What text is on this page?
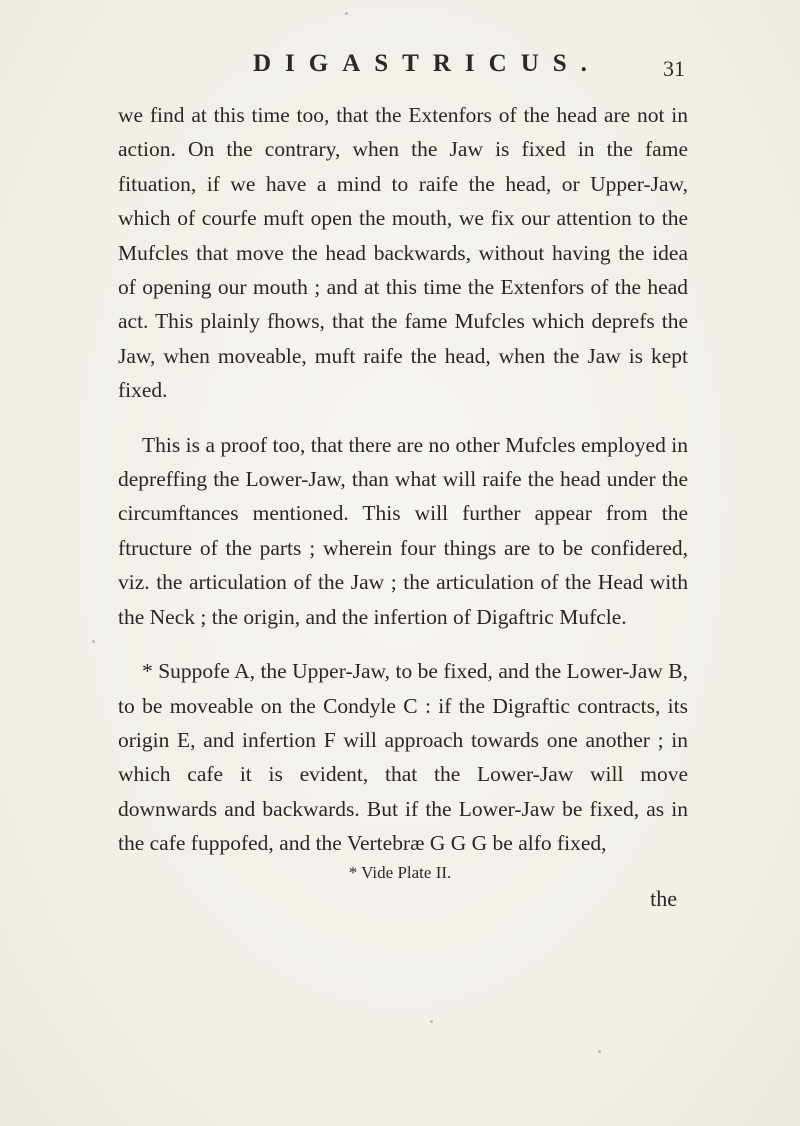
DIGASTRICUS.	31

we find at this time too, that the Extenfors of the head are not in action. On the contrary, when the Jaw is fixed in the fame fituation, if we have a mind to raife the head, or Upper-Jaw, which of courfe muft open the mouth, we fix our attention to the Mufcles that move the head backwards, without having the idea of opening our mouth ; and at this time the Extenfors of the head act. This plainly fhows, that the fame Mufcles which deprefs the Jaw, when moveable, muft raife the head, when the Jaw is kept fixed.

This is a proof too, that there are no other Mufcles employed in depreffing the Lower-Jaw, than what will raife the head under the circumftances mentioned. This will further appear from the ftructure of the parts ; wherein four things are to be confidered, viz. the articulation of the Jaw ; the articulation of the Head with the Neck ; the origin, and the infertion of Digaftric Mufcle.

* Suppofe A, the Upper-Jaw, to be fixed, and the Lower-Jaw B, to be moveable on the Condyle C : if the Digraftic contracts, its origin E, and infertion F will approach towards one another ; in which cafe it is evident, that the Lower-Jaw will move downwards and backwards. But if the Lower-Jaw be fixed, as in the cafe fuppofed, and the Vertebræ G G G be alfo fixed,

* Vide Plate II.
the
